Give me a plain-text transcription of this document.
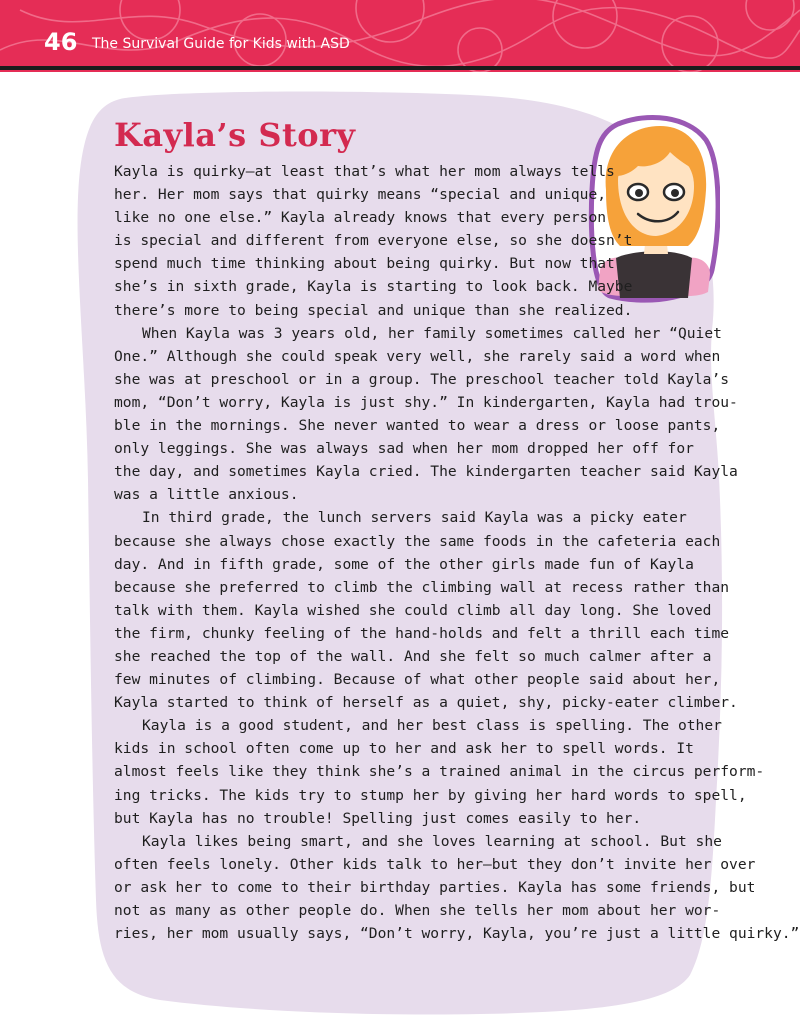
46 The Survival Guide for Kids with ASD
Kayla’s Story
Kayla is quirky—at least that’s what her mom always tells
her. Her mom says that quirky means “special and unique,
like no one else.” Kayla already knows that every person
is special and different from everyone else, so she doesn’t
spend much time thinking about being quirky. But now that
she’s in sixth grade, Kayla is starting to look back. Maybe
there’s more to being special and unique than she realized.
When Kayla was 3 years old, her family sometimes called her “Quiet
One.” Although she could speak very well, she rarely said a word when
she was at preschool or in a group. The preschool teacher told Kayla’s
mom, “Don’t worry, Kayla is just shy.” In kindergarten, Kayla had trou-
ble in the mornings. She never wanted to wear a dress or loose pants,
only leggings. She was always sad when her mom dropped her off for
the day, and sometimes Kayla cried. The kindergarten teacher said Kayla
was a little anxious.
In third grade, the lunch servers said Kayla was a picky eater
because she always chose exactly the same foods in the cafeteria each
day. And in fifth grade, some of the other girls made fun of Kayla
because she preferred to climb the climbing wall at recess rather than
talk with them. Kayla wished she could climb all day long. She loved
the firm, chunky feeling of the hand-holds and felt a thrill each time
she reached the top of the wall. And she felt so much calmer after a
few minutes of climbing. Because of what other people said about her,
Kayla started to think of herself as a quiet, shy, picky-eater climber.
Kayla is a good student, and her best class is spelling. The other
kids in school often come up to her and ask her to spell words. It
almost feels like they think she’s a trained animal in the circus perform-
ing tricks. The kids try to stump her by giving her hard words to spell,
but Kayla has no trouble! Spelling just comes easily to her.
Kayla likes being smart, and she loves learning at school. But she
often feels lonely. Other kids talk to her—but they don’t invite her over
or ask her to come to their birthday parties. Kayla has some friends, but
not as many as other people do. When she tells her mom about her wor-
ries, her mom usually says, “Don’t worry, Kayla, you’re just a little quirky.”
